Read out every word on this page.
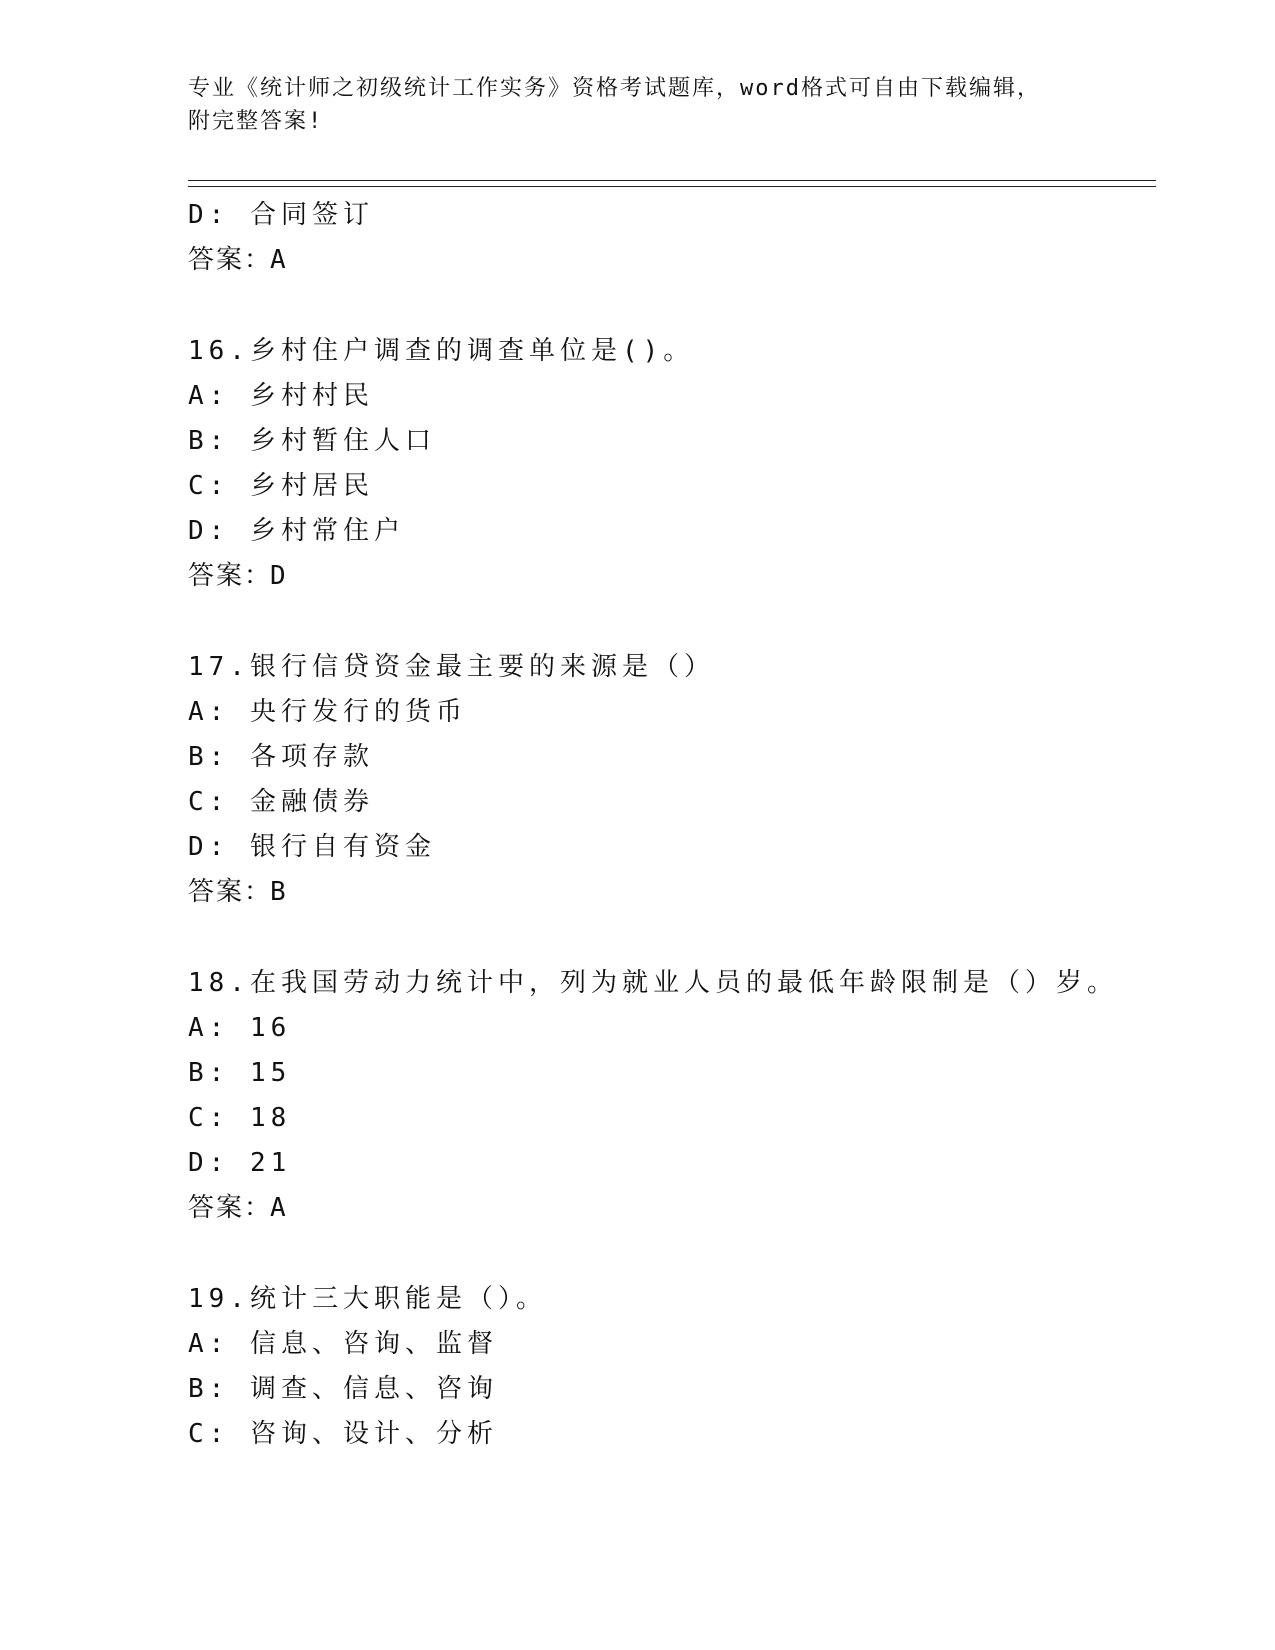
专业《统计师之初级统计工作实务》资格考试题库，word格式可自由下载编辑，
附完整答案!
D: 合同签订
答案：A
16.乡村住户调查的调查单位是()。
A: 乡村村民
B: 乡村暂住人口
C: 乡村居民
D: 乡村常住户
答案：D
17.银行信贷资金最主要的来源是（）
A: 央行发行的货币
B: 各项存款
C: 金融债券
D: 银行自有资金
答案：B
18.在我国劳动力统计中，列为就业人员的最低年龄限制是（）岁。
A: 16
B: 15
C: 18
D: 21
答案：A
19.统计三大职能是（）。
A: 信息、咨询、监督
B: 调查、信息、咨询
C: 咨询、设计、分析
